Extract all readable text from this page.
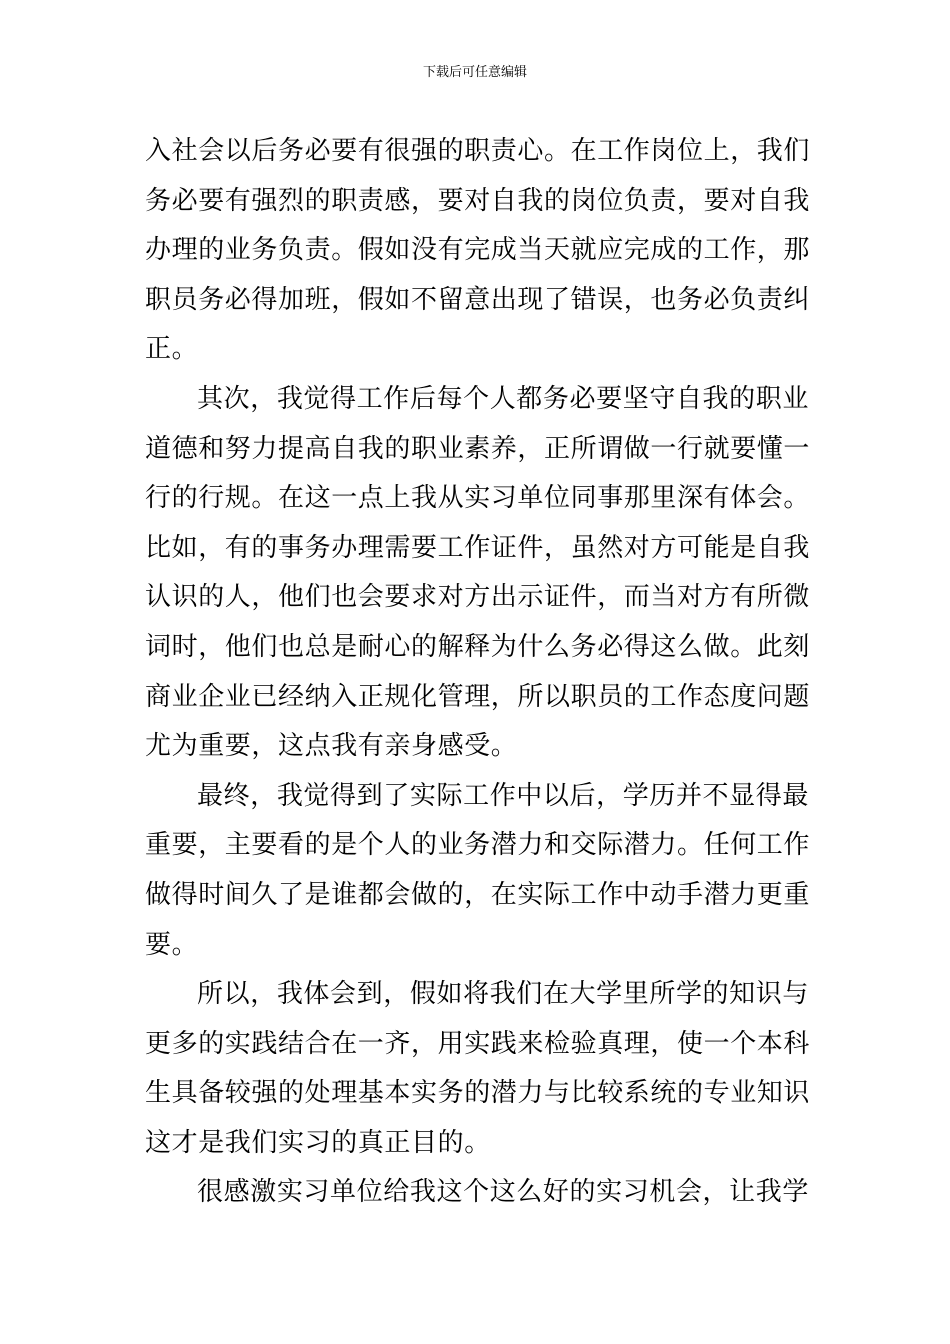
下载后可任意编辑

入社会以后务必要有很强的职责心。在工作岗位上，我们
务必要有强烈的职责感，要对自我的岗位负责，要对自我
办理的业务负责。假如没有完成当天就应完成的工作，那
职员务必得加班，假如不留意出现了错误，也务必负责纠
正。

其次，我觉得工作后每个人都务必要坚守自我的职业
道德和努力提高自我的职业素养，正所谓做一行就要懂一
行的行规。在这一点上我从实习单位同事那里深有体会。
比如，有的事务办理需要工作证件，虽然对方可能是自我
认识的人，他们也会要求对方出示证件，而当对方有所微
词时，他们也总是耐心的解释为什么务必得这么做。此刻
商业企业已经纳入正规化管理，所以职员的工作态度问题
尤为重要，这点我有亲身感受。

最终，我觉得到了实际工作中以后，学历并不显得最
重要，主要看的是个人的业务潜力和交际潜力。任何工作
做得时间久了是谁都会做的，在实际工作中动手潜力更重
要。

所以，我体会到，假如将我们在大学里所学的知识与
更多的实践结合在一齐，用实践来检验真理，使一个本科
生具备较强的处理基本实务的潜力与比较系统的专业知识
这才是我们实习的真正目的。

很感激实习单位给我这个这么好的实习机会，让我学
